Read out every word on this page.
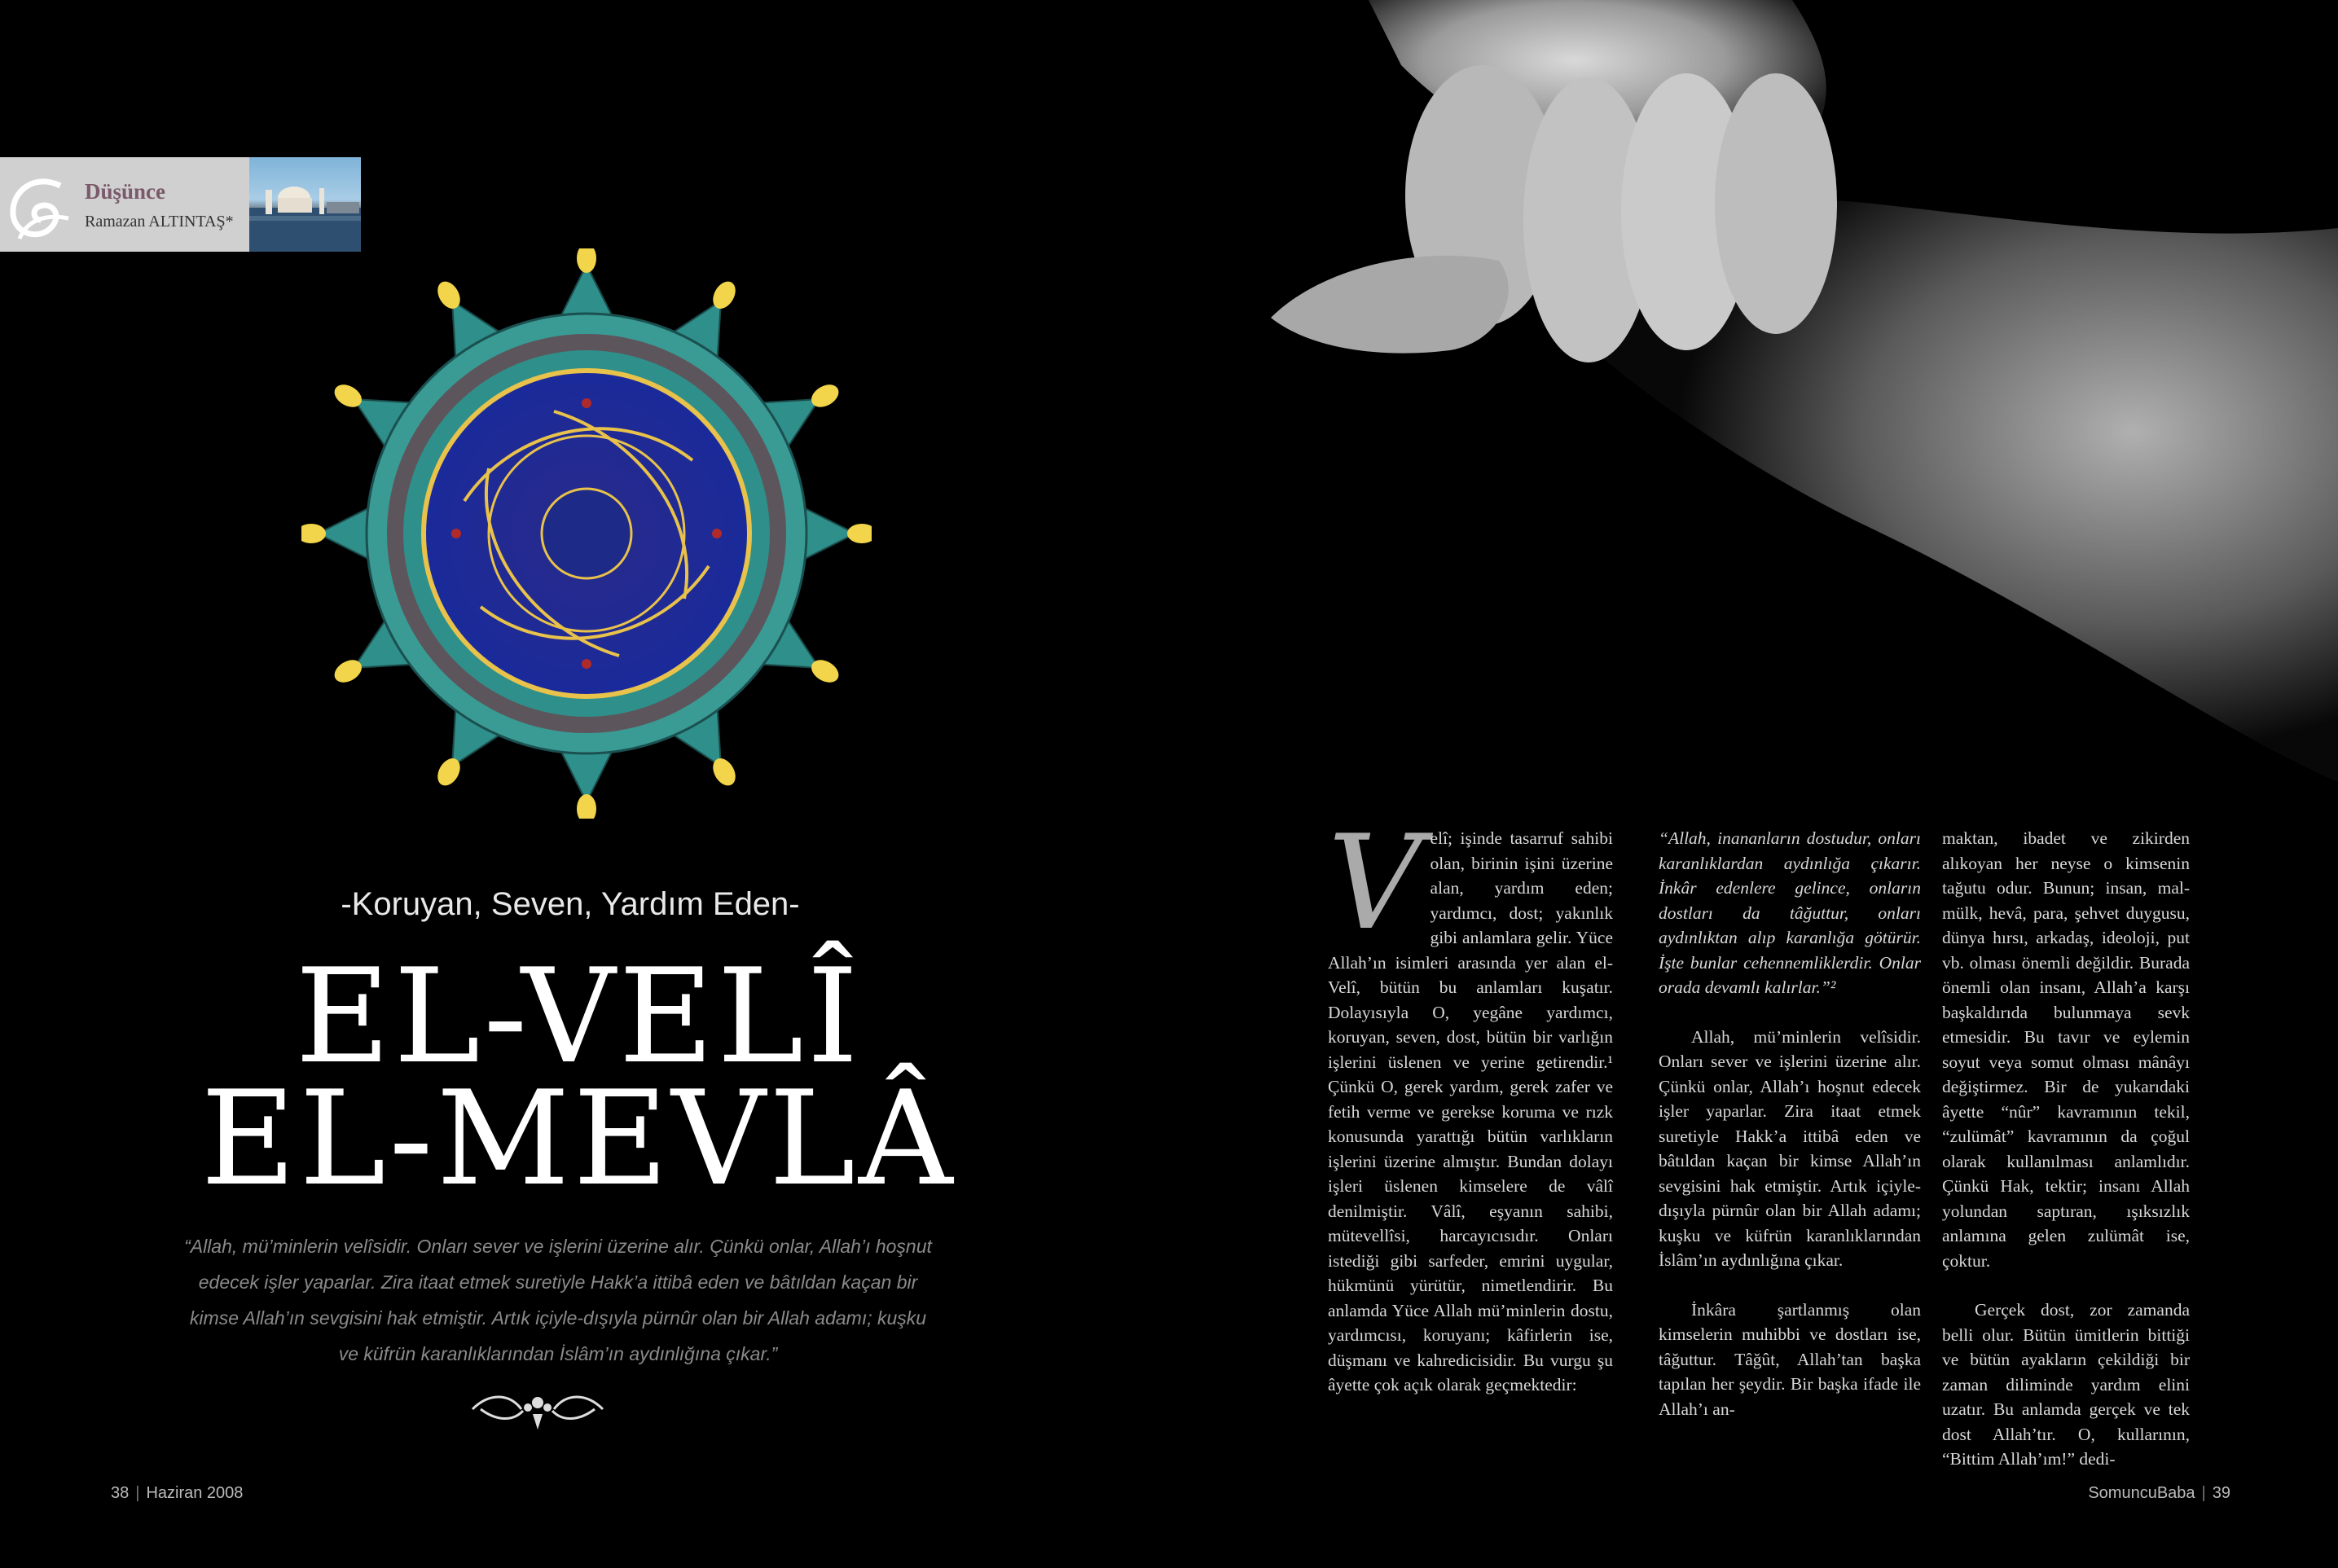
Düşünce
Ramazan ALTINTAŞ*
-Koruyan, Seven, Yardım Eden-
EL-VELÎ
EL-MEVLÂ
“Allah, mü’minlerin velîsidir. Onları sever ve işlerini üzerine alır. Çünkü onlar, Allah’ı hoşnut edecek işler yaparlar. Zira itaat etmek suretiyle Hakk’a ittibâ eden ve bâtıldan kaçan bir kimse Allah’ın sevgisini hak etmiştir. Artık içiyle-dışıyla pürnûr olan bir Allah adamı; kuşku ve küfrün karanlıklarından İslâm’ın aydınlığına çıkar.”
V elî; işinde tasarruf sahibi olan, birinin işini üzerine alan, yardım eden; yardımcı, dost; yakınlık gibi anlamlara gelir. Yüce Allah’ın isimleri arasında yer alan el-Velî, bütün bu anlamları kuşatır. Dolayısıyla O, yegâne yardımcı, koruyan, seven, dost, bütün bir varlığın işlerini üslenen ve yerine getirendir.¹ Çünkü O, gerek yardım, gerek zafer ve fetih verme ve gerekse koruma ve rızk konusunda yarattığı bütün varlıkların işlerini üzerine almıştır. Bundan dolayı işleri üslenen kimselere de vâlî denilmiştir. Vâlî, eşyanın sahibi, mütevellîsi, harcayıcısıdır. Onları istediği gibi sarfeder, emrini uygular, hükmünü yürütür, nimetlendirir. Bu anlamda Yüce Allah mü’minlerin dostu, yardımcısı, koruyanı; kâfirlerin ise, düşmanı ve kahredicisidir. Bu vurgu şu âyette çok açık olarak geçmektedir:

“Allah, inananların dostudur, onları karanlıklardan aydınlığa çıkarır. İnkâr edenlere gelince, onların dostları da tâğuttur, onları aydınlıktan alıp karanlığa götürür. İşte bunlar cehennemliklerdir. Onlar orada devamlı kalırlar.”²

Allah, mü’minlerin velîsidir. Onları sever ve işlerini üzerine alır. Çünkü onlar, Allah’ı hoşnut edecek işler yaparlar. Zira itaat etmek suretiyle Hakk’a ittibâ eden ve bâtıldan kaçan bir kimse Allah’ın sevgisini hak etmiştir. Artık içiyle-dışıyla pürnûr olan bir Allah adamı; kuşku ve küfrün karanlıklarından İslâm’ın aydınlığına çıkar.

İnkâra şartlanmış olan kimselerin muhibbi ve dostları ise, tâğuttur. Tâğût, Allah’tan başka tapılan her şeydir. Bir başka ifade ile Allah’ı an-

maktan, ibadet ve zikirden alıkoyan her neyse o kimsenin tağutu odur. Bunun; insan, mal-mülk, hevâ, para, şehvet duygusu, dünya hırsı, arkadaş, ideoloji, put vb. olması önemli değildir. Burada önemli olan insanı, Allah’a karşı başkaldırıda bulunmaya sevk etmesidir. Bu tavır ve eylemin soyut veya somut olması mânâyı değiştirmez. Bir de yukarıdaki âyette “nûr” kavramının tekil, “zulümât” kavramının da çoğul olarak kullanılması anlamlıdır. Çünkü Hak, tektir; insanı Allah yolundan saptıran, ışıksızlık anlamına gelen zulümât ise, çoktur.

Gerçek dost, zor zamanda belli olur. Bütün ümitlerin bittiği ve bütün ayakların çekildiği bir zaman diliminde yardım elini uzatır. Bu anlamda gerçek ve tek dost Allah’tır. O, kullarının, “Bittim Allah’ım!” dedi-

38 | Haziran 2008	SomuncuBaba | 39
